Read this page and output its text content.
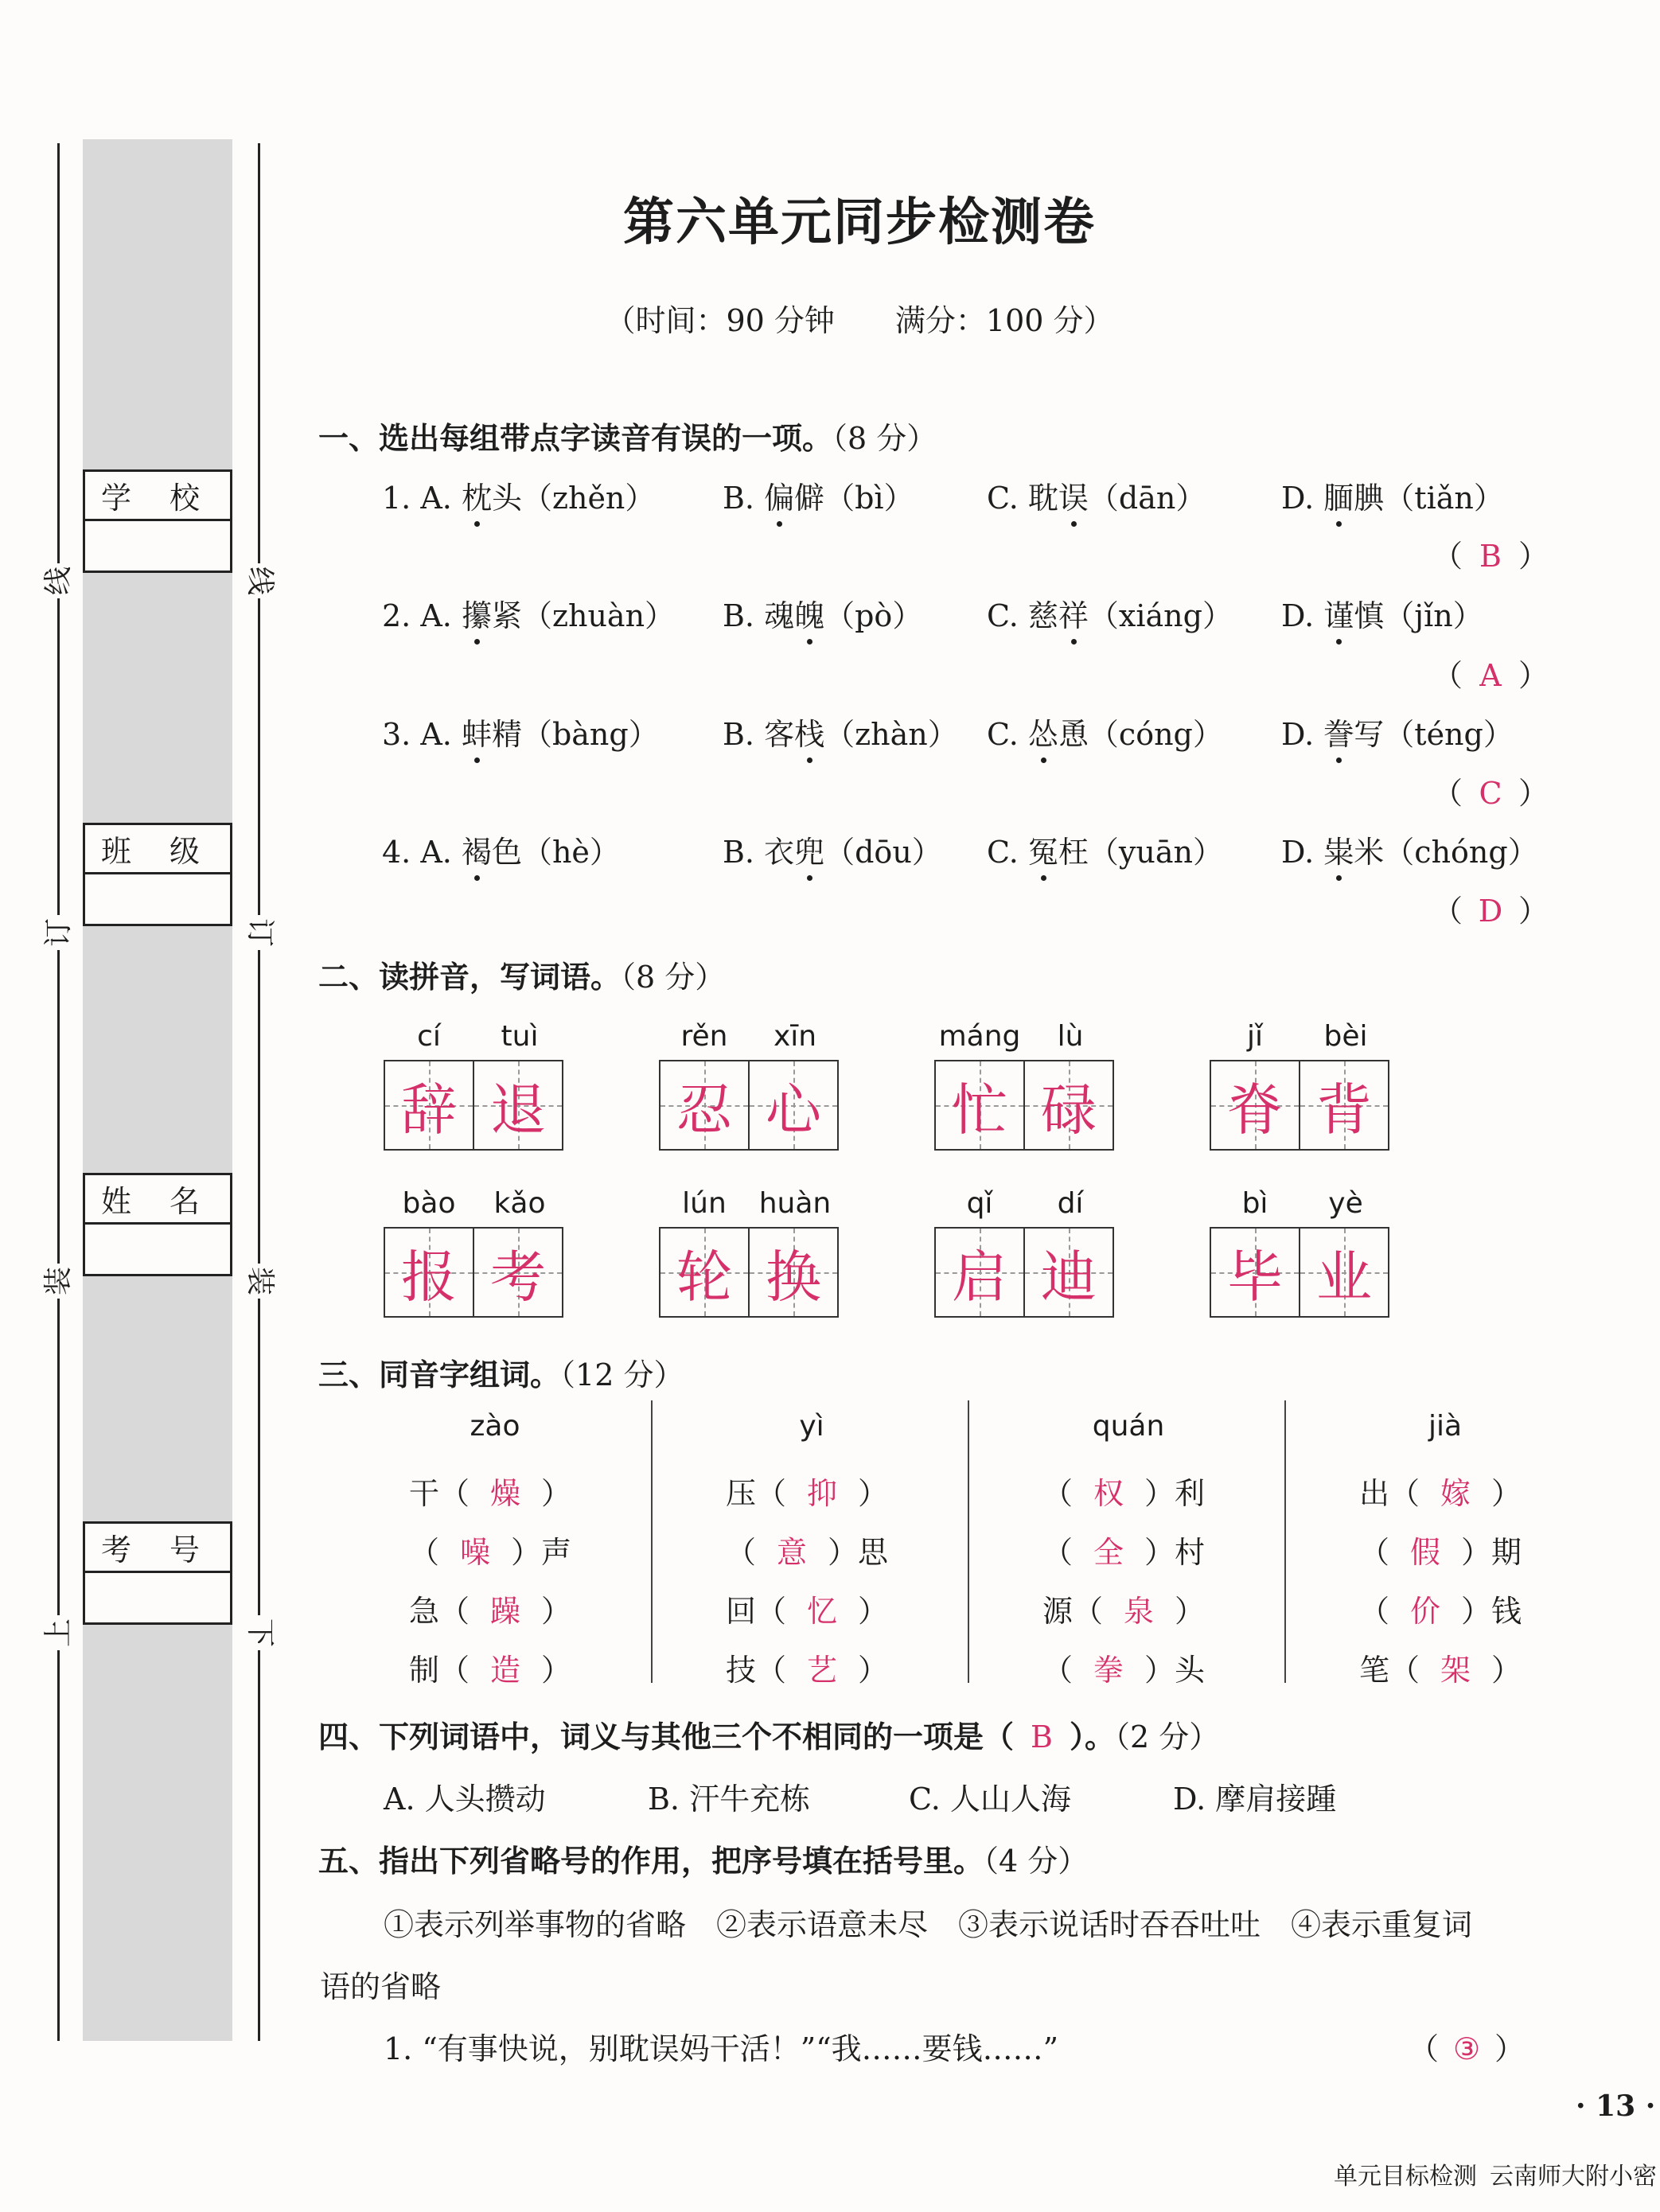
线
订
装
上
线
订
装
下
学 校
班 级
姓 名
考 号
第六单元同步检测卷
（时间：90 分钟　　满分：100 分）
一、选出每组带点字读音有误的一项。（8 分）
1. A. 枕头（zhěn） B. 偏僻（bì） C. 耽误（dān） D. 腼腆（tiǎn）
（ B ）
2. A. 攥紧（zhuàn） B. 魂魄（pò） C. 慈祥（xiáng） D. 谨慎（jǐn）
（ A ）
3. A. 蚌精（bàng） B. 客栈（zhàn） C. 怂恿（cóng） D. 誊写（téng）
（ C ）
4. A. 褐色（hè）	B. 衣兜（dōu） C. 冤枉（yuān） D. 粜米（chóng）
（ D ）
二、读拼音，写词语。（8 分）
cí	tuì
辞 退
rěn	xīn
忍 心
máng	lù
忙 碌
jǐ	bèi
脊 背
bào	kǎo
报 考
lún	huàn
轮 换
qǐ	dí
启 迪
bì	yè
毕 业
三、同音字组词。（12 分）
zào
干（ 燥 ）
（ 噪 ）声
急（ 躁 ）
制（ 造 ）
yì
压（ 抑 ）
（ 意 ）思
回（ 忆 ）
技（ 艺 ）
quán
（ 权 ）利
（ 全 ）村
源（ 泉 ）
（ 拳 ）头
jià
出（ 嫁 ）
（ 假 ）期
（ 价 ）钱
笔（ 架 ）
四、下列词语中，词义与其他三个不相同的一项是（ B ）。（2 分）
A. 人头攒动	B. 汗牛充栋	C. 人山人海	D. 摩肩接踵
五、指出下列省略号的作用，把序号填在括号里。（4 分）
①表示列举事物的省略　②表示语意未尽　③表示说话时吞吞吐吐　④表示重复词
语的省略
1. “有事快说，别耽误妈干活！”“我……要钱……”	（ ③ ）
· 13 ·
单元目标检测 云南师大附小密
